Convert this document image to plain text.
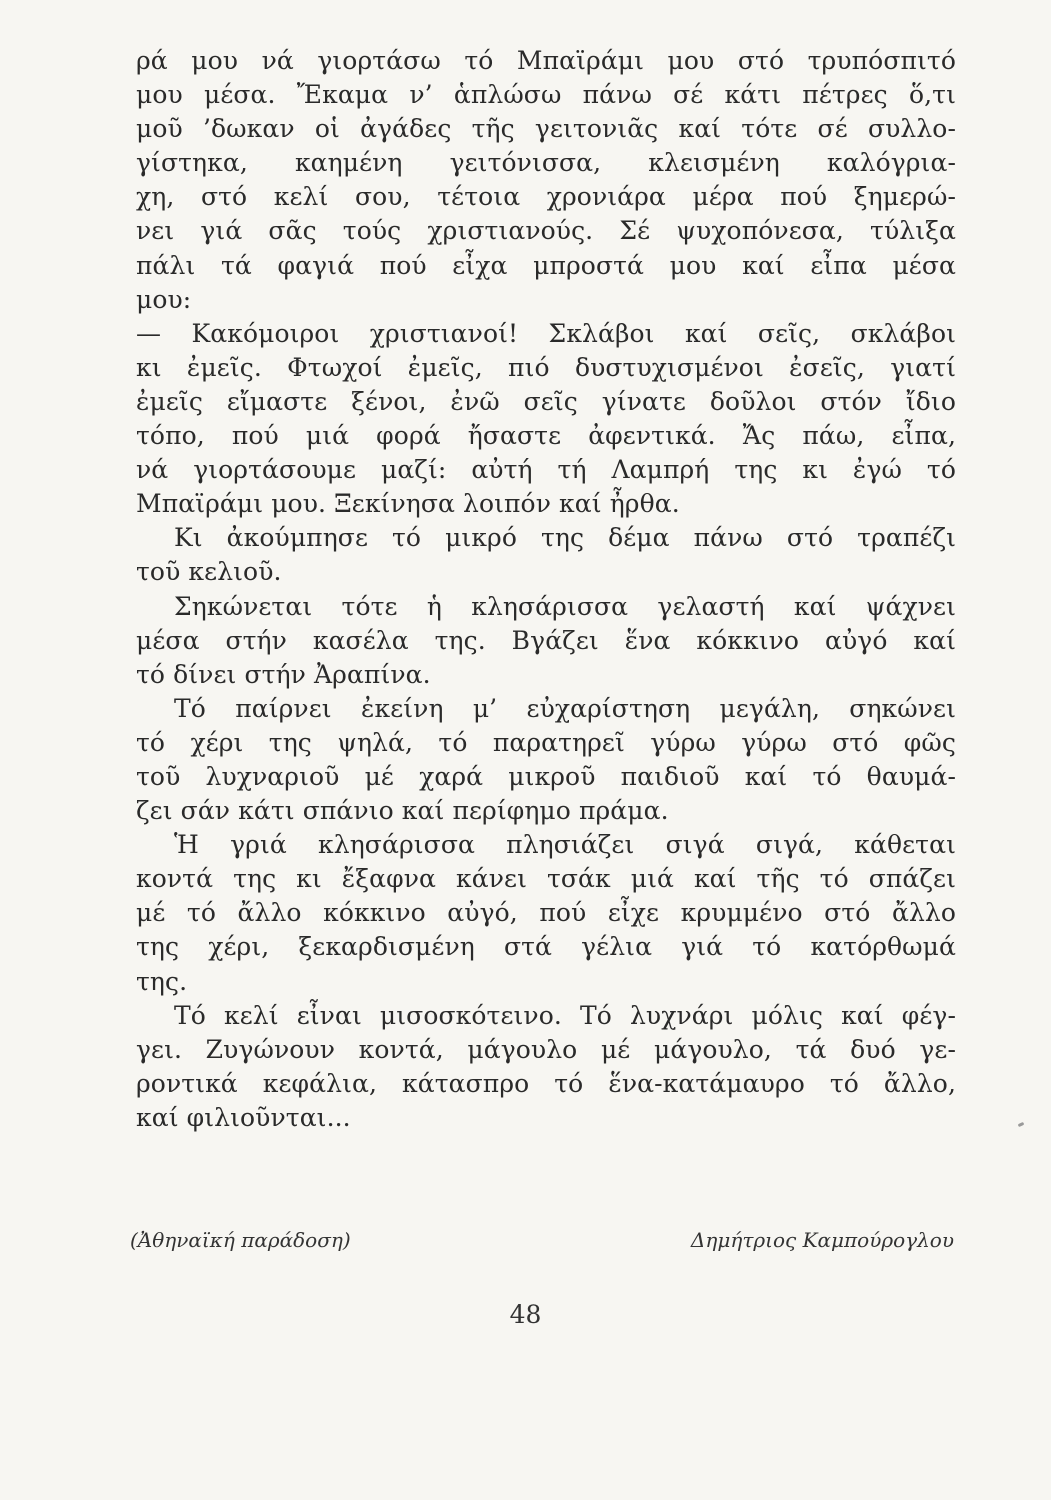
ρά μου νά γιορτάσω τό Μπαϊράμι μου στό τρυπόσπιτό
μου μέσα. Ἔκαμα ν’ ἁπλώσω πάνω σέ κάτι πέτρες ὅ,τι
μοῦ ’δωκαν οἱ ἀγάδες τῆς γειτονιᾶς καί τότε σέ συλλο-
γίστηκα, καημένη γειτόνισσα, κλεισμένη καλόγρια-
χη, στό κελί σου, τέτοια χρονιάρα μέρα πού ξημερώ-
νει γιά σᾶς τούς χριστιανούς. Σέ ψυχοπόνεσα, τύλιξα
πάλι τά φαγιά πού εἶχα μπροστά μου καί εἶπα μέσα
μου:
— Κακόμοιροι χριστιανοί! Σκλάβοι καί σεῖς, σκλάβοι
κι ἐμεῖς. Φτωχοί ἐμεῖς, πιό δυστυχισμένοι ἐσεῖς, γιατί
ἐμεῖς εἴμαστε ξένοι, ἐνῶ σεῖς γίνατε δοῦλοι στόν ἴδιο
τόπο, πού μιά φορά ἤσαστε ἀφεντικά. Ἄς πάω, εἶπα,
νά γιορτάσουμε μαζί: αὐτή τή Λαμπρή της κι ἐγώ τό
Μπαϊράμι μου. Ξεκίνησα λοιπόν καί ἦρθα.
Κι ἀκούμπησε τό μικρό της δέμα πάνω στό τραπέζι
τοῦ κελιοῦ.
Σηκώνεται τότε ἡ κλησάρισσα γελαστή καί ψάχνει
μέσα στήν κασέλα της. Βγάζει ἕνα κόκκινο αὐγό καί
τό δίνει στήν Ἀραπίνα.
Τό παίρνει ἐκείνη μ’ εὐχαρίστηση μεγάλη, σηκώνει
τό χέρι της ψηλά, τό παρατηρεῖ γύρω γύρω στό φῶς
τοῦ λυχναριοῦ μέ χαρά μικροῦ παιδιοῦ καί τό θαυμά-
ζει σάν κάτι σπάνιο καί περίφημο πράμα.
Ἡ γριά κλησάρισσα πλησιάζει σιγά σιγά, κάθεται
κοντά της κι ἔξαφνα κάνει τσάκ μιά καί τῆς τό σπάζει
μέ τό ἄλλο κόκκινο αὐγό, πού εἶχε κρυμμένο στό ἄλλο
της χέρι, ξεκαρδισμένη στά γέλια γιά τό κατόρθωμά
της.
Τό κελί εἶναι μισοσκότεινο. Τό λυχνάρι μόλις καί φέγ-
γει. Ζυγώνουν κοντά, μάγουλο μέ μάγουλο, τά δυό γε-
ροντικά κεφάλια, κάτασπρο τό ἕνα-κατάμαυρο τό ἄλλο,
καί φιλιοῦνται...
(Ἀθηναϊκή παράδοση)	Δημήτριος Καμπούρογλου
48
